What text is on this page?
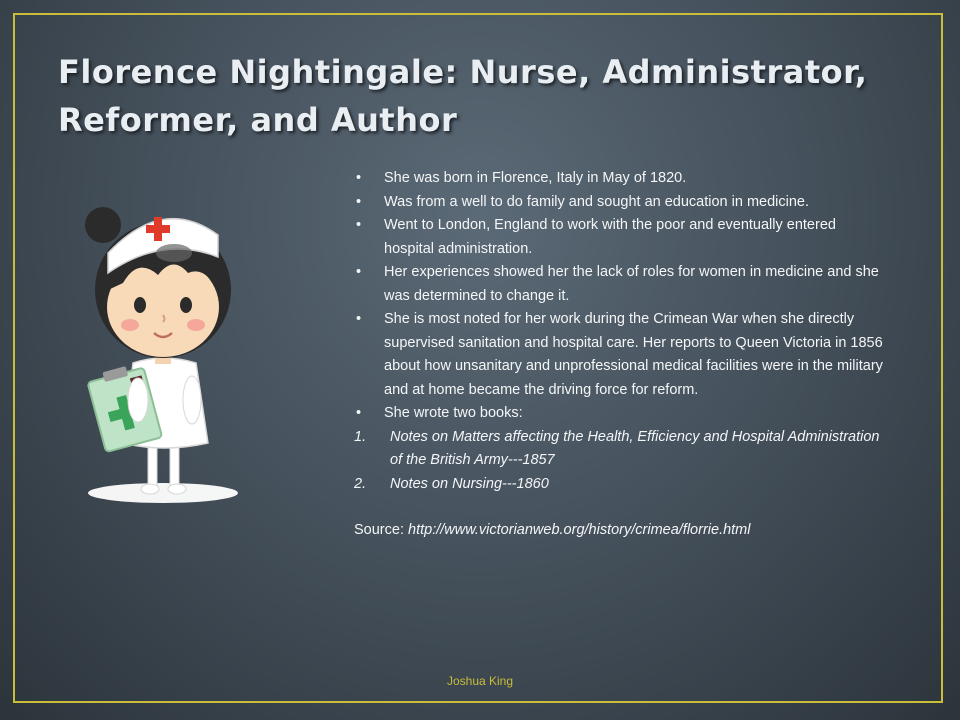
Florence Nightingale: Nurse, Administrator, Reformer, and Author
• She was born in Florence, Italy in May of 1820.
• Was from a well to do family and sought an education in medicine.
• Went to London, England to work with the poor and eventually entered hospital administration.
• Her experiences showed her the lack of roles for women in medicine and she was determined to change it.
• She is most noted for her work during the Crimean War when she directly supervised sanitation and hospital care. Her reports to Queen Victoria in 1856 about how unsanitary and unprofessional medical facilities were in the military and at home became the driving force for reform.
• She wrote two books:
1. Notes on Matters affecting the Health, Efficiency and Hospital Administration of the British Army---1857
2. Notes on Nursing---1860
Source: http://www.victorianweb.org/history/crimea/florrie.html
Joshua King
